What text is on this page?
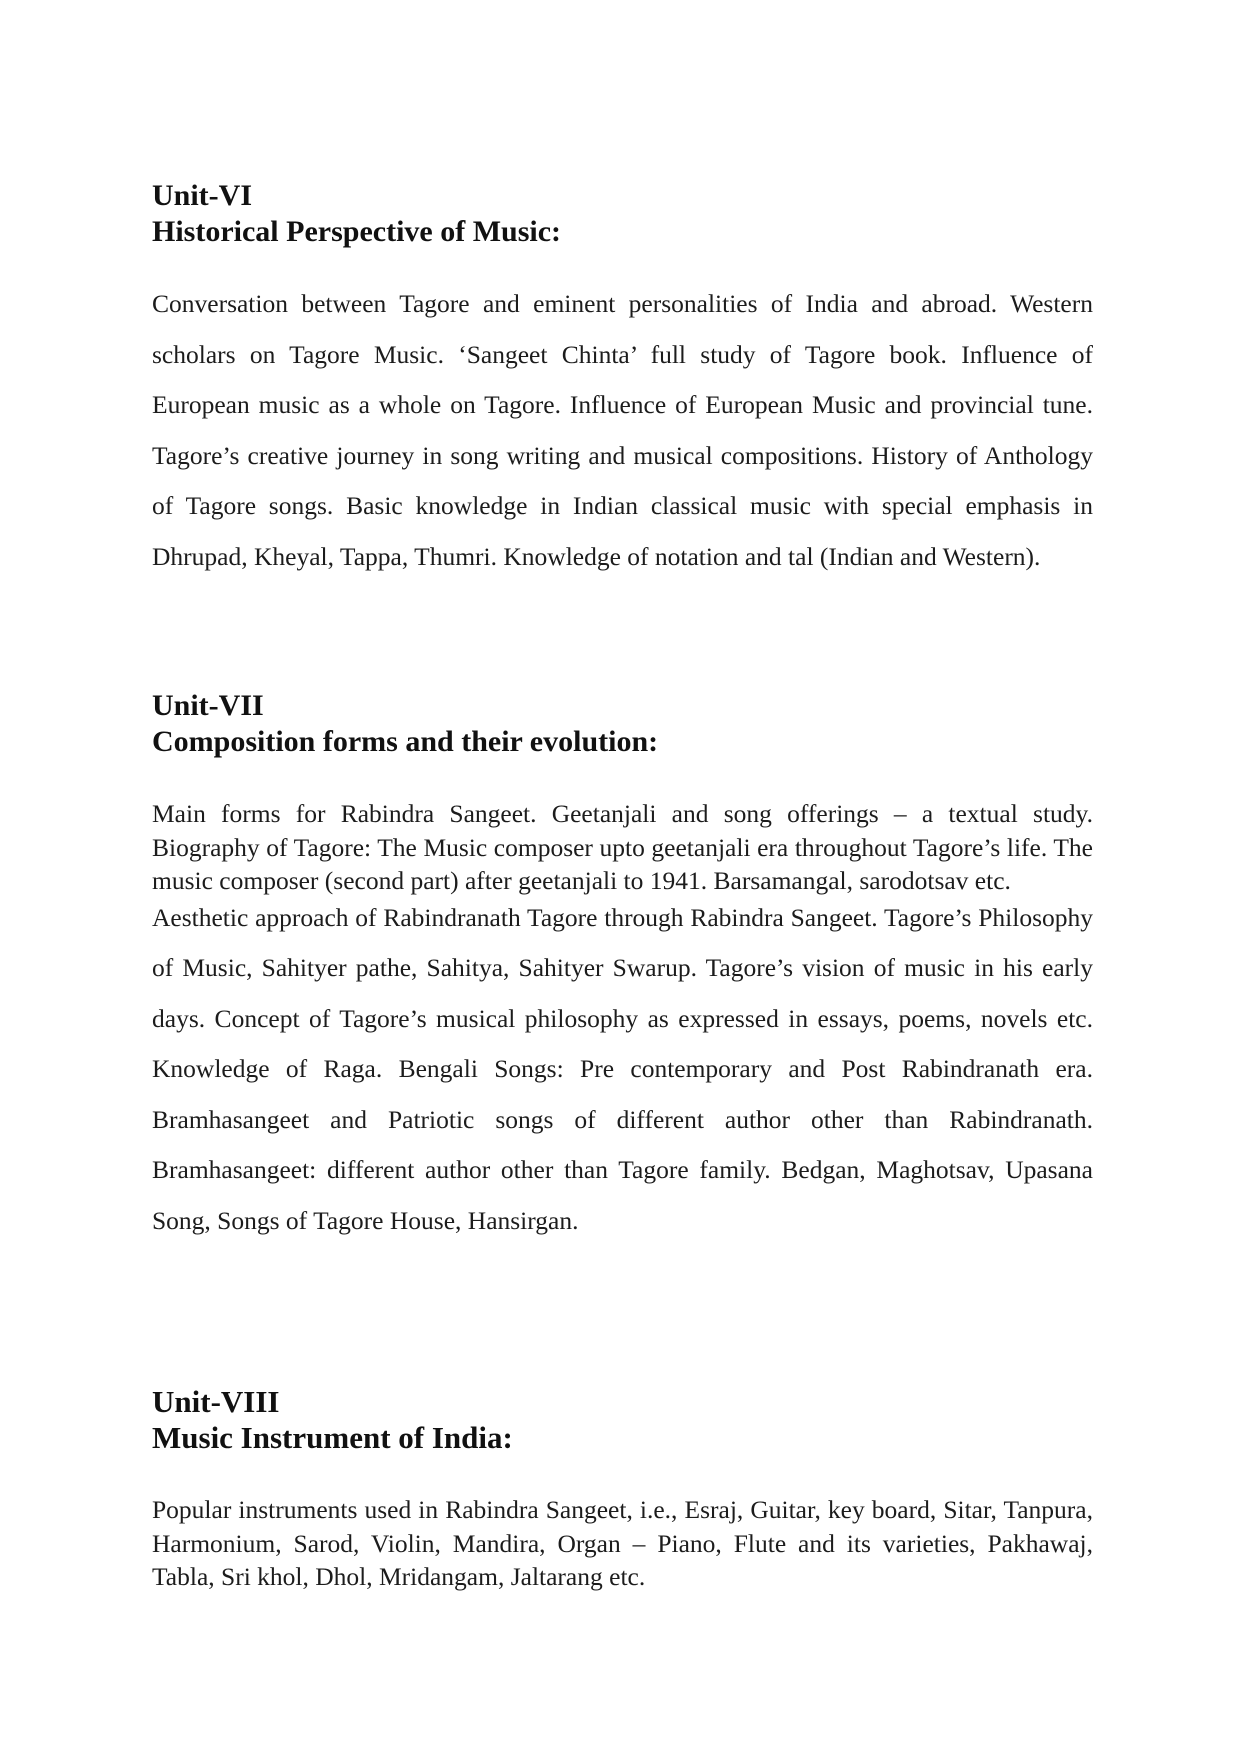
Unit-VI

Historical Perspective of Music:

Conversation between Tagore and eminent personalities of India and abroad. Western scholars on Tagore Music. ‘Sangeet Chinta’ full study of Tagore book. Influence of European music as a whole on Tagore. Influence of European Music and provincial tune. Tagore’s creative journey in song writing and musical compositions. History of Anthology of Tagore songs. Basic knowledge in Indian classical music with special emphasis in Dhrupad, Kheyal, Tappa, Thumri. Knowledge of notation and tal (Indian and Western).

Unit-VII

Composition forms and their evolution:

Main forms for Rabindra Sangeet. Geetanjali and song offerings – a textual study. Biography of Tagore: The Music composer upto geetanjali era throughout Tagore’s life. The music composer (second part) after geetanjali to 1941. Barsamangal, sarodotsav etc.

Aesthetic approach of Rabindranath Tagore through Rabindra Sangeet. Tagore’s Philosophy of Music, Sahityer pathe, Sahitya, Sahityer Swarup. Tagore’s vision of music in his early days. Concept of Tagore’s musical philosophy as expressed in essays, poems, novels etc. Knowledge of Raga. Bengali Songs: Pre contemporary and Post Rabindranath era. Bramhasangeet and Patriotic songs of different author other than Rabindranath. Bramhasangeet: different author other than Tagore family. Bedgan, Maghotsav, Upasana Song, Songs of Tagore House, Hansirgan.

Unit-VIII

Music Instrument of India:

Popular instruments used in Rabindra Sangeet, i.e., Esraj, Guitar, key board, Sitar, Tanpura, Harmonium, Sarod, Violin, Mandira, Organ – Piano, Flute and its varieties, Pakhawaj, Tabla, Sri khol, Dhol, Mridangam, Jaltarang etc.
